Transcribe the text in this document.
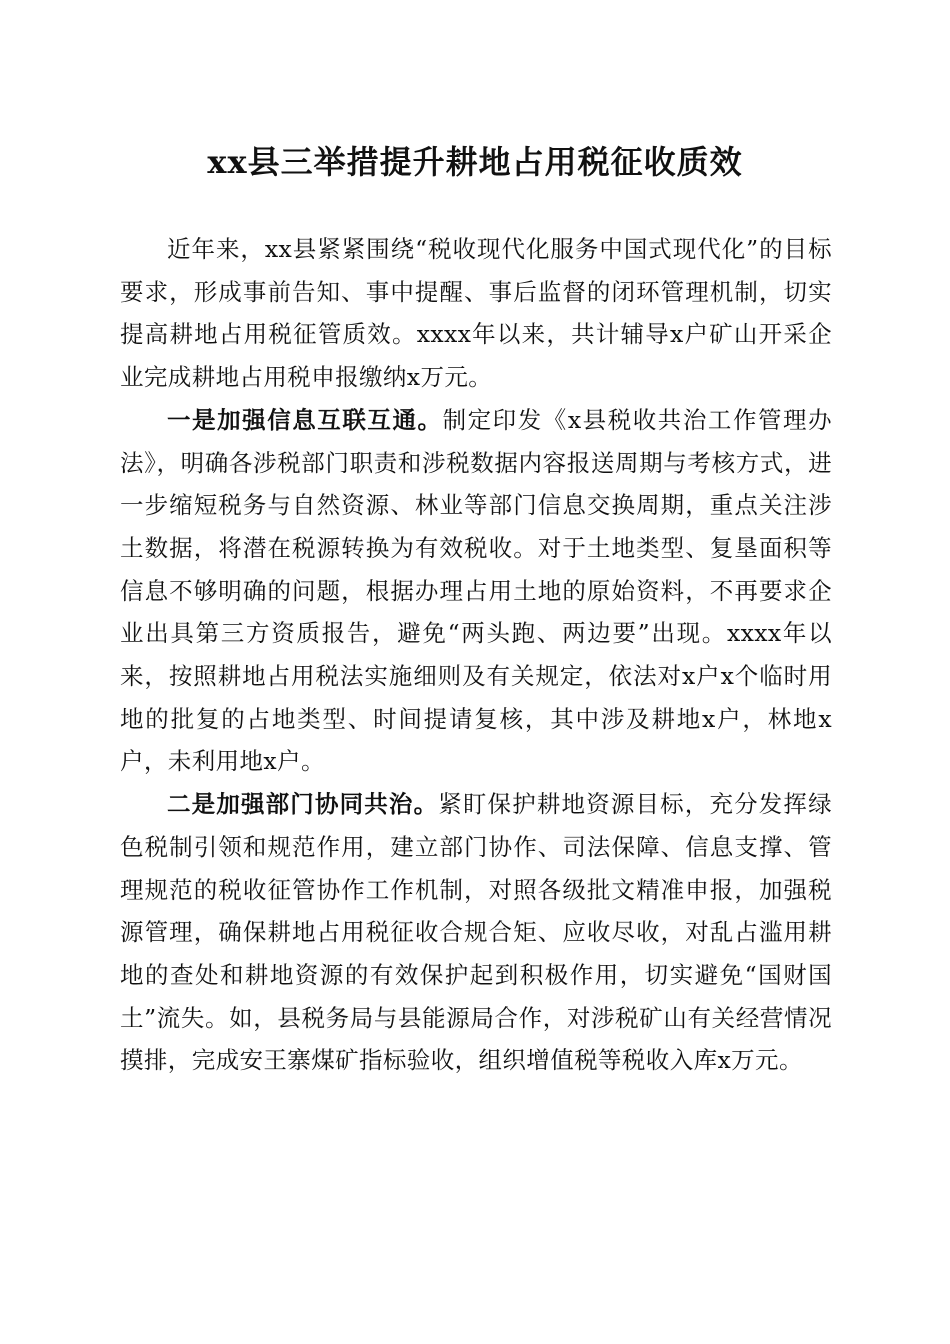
xx县三举措提升耕地占用税征收质效

近年来，xx县紧紧围绕“税收现代化服务中国式现代化”的目标要求，形成事前告知、事中提醒、事后监督的闭环管理机制，切实提高耕地占用税征管质效。xxxx年以来，共计辅导x户矿山开采企业完成耕地占用税申报缴纳x万元。

一是加强信息互联互通。制定印发《x县税收共治工作管理办法》，明确各涉税部门职责和涉税数据内容报送周期与考核方式，进一步缩短税务与自然资源、林业等部门信息交换周期，重点关注涉土数据，将潜在税源转换为有效税收。对于土地类型、复垦面积等信息不够明确的问题，根据办理占用土地的原始资料，不再要求企业出具第三方资质报告，避免“两头跑、两边要”出现。xxxx年以来，按照耕地占用税法实施细则及有关规定，依法对x户x个临时用地的批复的占地类型、时间提请复核，其中涉及耕地x户，林地x户，未利用地x户。

二是加强部门协同共治。紧盯保护耕地资源目标，充分发挥绿色税制引领和规范作用，建立部门协作、司法保障、信息支撑、管理规范的税收征管协作工作机制，对照各级批文精准申报，加强税源管理，确保耕地占用税征收合规合矩、应收尽收，对乱占滥用耕地的查处和耕地资源的有效保护起到积极作用，切实避免“国财国土”流失。如，县税务局与县能源局合作，对涉税矿山有关经营情况摸排，完成安王寨煤矿指标验收，组织增值税等税收入库x万元。
